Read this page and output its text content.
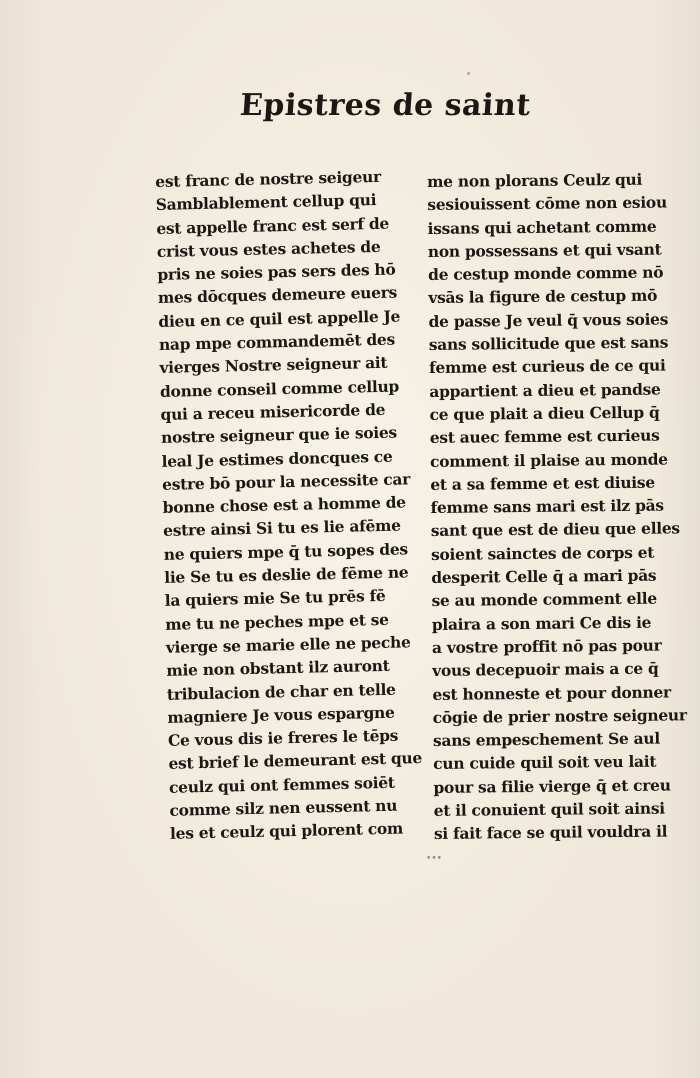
Epistres de saint
est franc de nostre seigeur
Samblablement cellup qui
est appelle franc est serf de
crist vous estes achetes de
pris ne soies pas sers des hō
mes dōcques demeure euers
dieu en ce quil est appelle Je
nap mpe commandemēt des
vierges Nostre seigneur ait
donne conseil comme cellup
qui a receu misericorde de
nostre seigneur que ie soies
leal Je estimes doncques ce
estre bō pour la necessite car
bonne chose est a homme de
estre ainsi Si tu es lie afēme
ne quiers mpe q̄ tu sopes des
lie Se tu es deslie de fēme ne
la quiers mie Se tu prēs fē
me tu ne peches mpe et se
vierge se marie elle ne peche
mie non obstant ilz auront
tribulacion de char en telle
magniere Je vous espargne
Ce vous dis ie freres le tēps
est brief le demeurant est que
ceulz qui ont femmes soiēt
comme silz nen eussent nu
les et ceulz qui plorent com
me non plorans Ceulz qui
sesiouissent cōme non esiou
issans qui achetant comme
non possessans et qui vsant
de cestup monde comme nō
vsās la figure de cestup mō
de passe Je veul q̄ vous soies
sans sollicitude que est sans
femme est curieus de ce qui
appartient a dieu et pandse
ce que plait a dieu Cellup q̄
est auec femme est curieus
comment il plaise au monde
et a sa femme et est diuise
femme sans mari est ilz pās
sant que est de dieu que elles
soient sainctes de corps et
desperit Celle q̄ a mari pās
se au monde comment elle
plaira a son mari Ce dis ie
a vostre proffit nō pas pour
vous decepuoir mais a ce q̄
est honneste et pour donner
cōgie de prier nostre seigneur
sans empeschement Se aul
cun cuide quil soit veu lait
pour sa filie vierge q̄ et creu
et il conuient quil soit ainsi
si fait face se quil vouldra il
•••
